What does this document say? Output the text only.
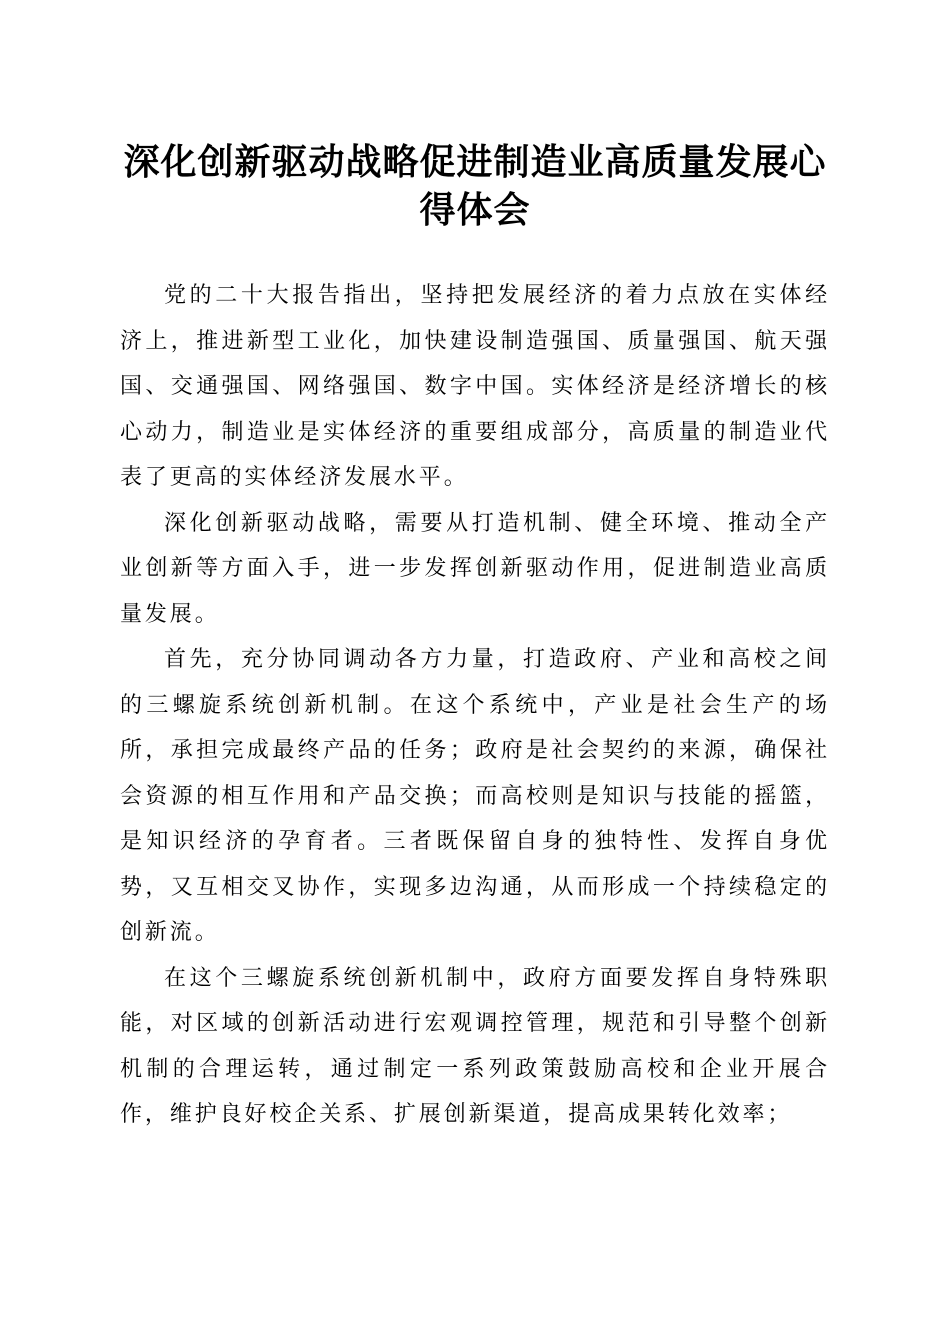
深化创新驱动战略促进制造业高质量发展心得体会

党的二十大报告指出，坚持把发展经济的着力点放在实体经济上，推进新型工业化，加快建设制造强国、质量强国、航天强国、交通强国、网络强国、数字中国。实体经济是经济增长的核心动力，制造业是实体经济的重要组成部分，高质量的制造业代表了更高的实体经济发展水平。

深化创新驱动战略，需要从打造机制、健全环境、推动全产业创新等方面入手，进一步发挥创新驱动作用，促进制造业高质量发展。

首先，充分协同调动各方力量，打造政府、产业和高校之间的三螺旋系统创新机制。在这个系统中，产业是社会生产的场所，承担完成最终产品的任务；政府是社会契约的来源，确保社会资源的相互作用和产品交换；而高校则是知识与技能的摇篮，是知识经济的孕育者。三者既保留自身的独特性、发挥自身优势，又互相交叉协作，实现多边沟通，从而形成一个持续稳定的创新流。

在这个三螺旋系统创新机制中，政府方面要发挥自身特殊职能，对区域的创新活动进行宏观调控管理，规范和引导整个创新机制的合理运转，通过制定一系列政策鼓励高校和企业开展合作，维护良好校企关系、扩展创新渠道，提高成果转化效率；
